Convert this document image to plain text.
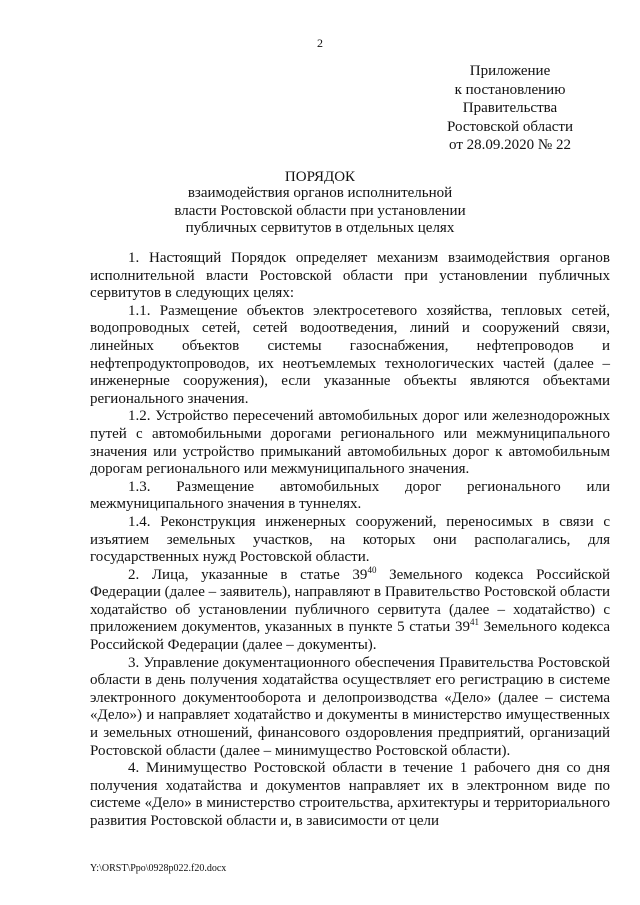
2
Приложение
к постановлению
Правительства
Ростовской области
от 28.09.2020 № 22
ПОРЯДОК
взаимодействия органов исполнительной
власти Ростовской области при установлении
публичных сервитутов в отдельных целях

1. Настоящий Порядок определяет механизм взаимодействия органов исполнительной власти Ростовской области при установлении публичных сервитутов в следующих целях:

1.1. Размещение объектов электросетевого хозяйства, тепловых сетей, водопроводных сетей, сетей водоотведения, линий и сооружений связи, линейных объектов системы газоснабжения, нефтепроводов и нефтепродуктопроводов, их неотъемлемых технологических частей (далее – инженерные сооружения), если указанные объекты являются объектами регионального значения.

1.2. Устройство пересечений автомобильных дорог или железнодорожных путей с автомобильными дорогами регионального или межмуниципального значения или устройство примыканий автомобильных дорог к автомобильным дорогам регионального или межмуниципального значения.

1.3. Размещение автомобильных дорог регионального или межмуниципального значения в туннелях.

1.4. Реконструкция инженерных сооружений, переносимых в связи с изъятием земельных участков, на которых они располагались, для государственных нужд Ростовской области.

2. Лица, указанные в статье $39^{40}$ Земельного кодекса Российской Федерации (далее – заявитель), направляют в Правительство Ростовской области ходатайство об установлении публичного сервитута (далее – ходатайство) с приложением документов, указанных в пункте 5 статьи $39^{41}$ Земельного кодекса Российской Федерации (далее – документы).

3. Управление документационного обеспечения Правительства Ростовской области в день получения ходатайства осуществляет его регистрацию в системе электронного документооборота и делопроизводства «Дело» (далее – система «Дело») и направляет ходатайство и документы в министерство имущественных и земельных отношений, финансового оздоровления предприятий, организаций Ростовской области (далее – минимущество Ростовской области).

4. Минимущество Ростовской области в течение 1 рабочего дня со дня получения ходатайства и документов направляет их в электронном виде по системе «Дело» в министерство строительства, архитектуры и территориального развития Ростовской области и, в зависимости от цели

Y:\ORST\Ppo\0928p022.f20.docx
